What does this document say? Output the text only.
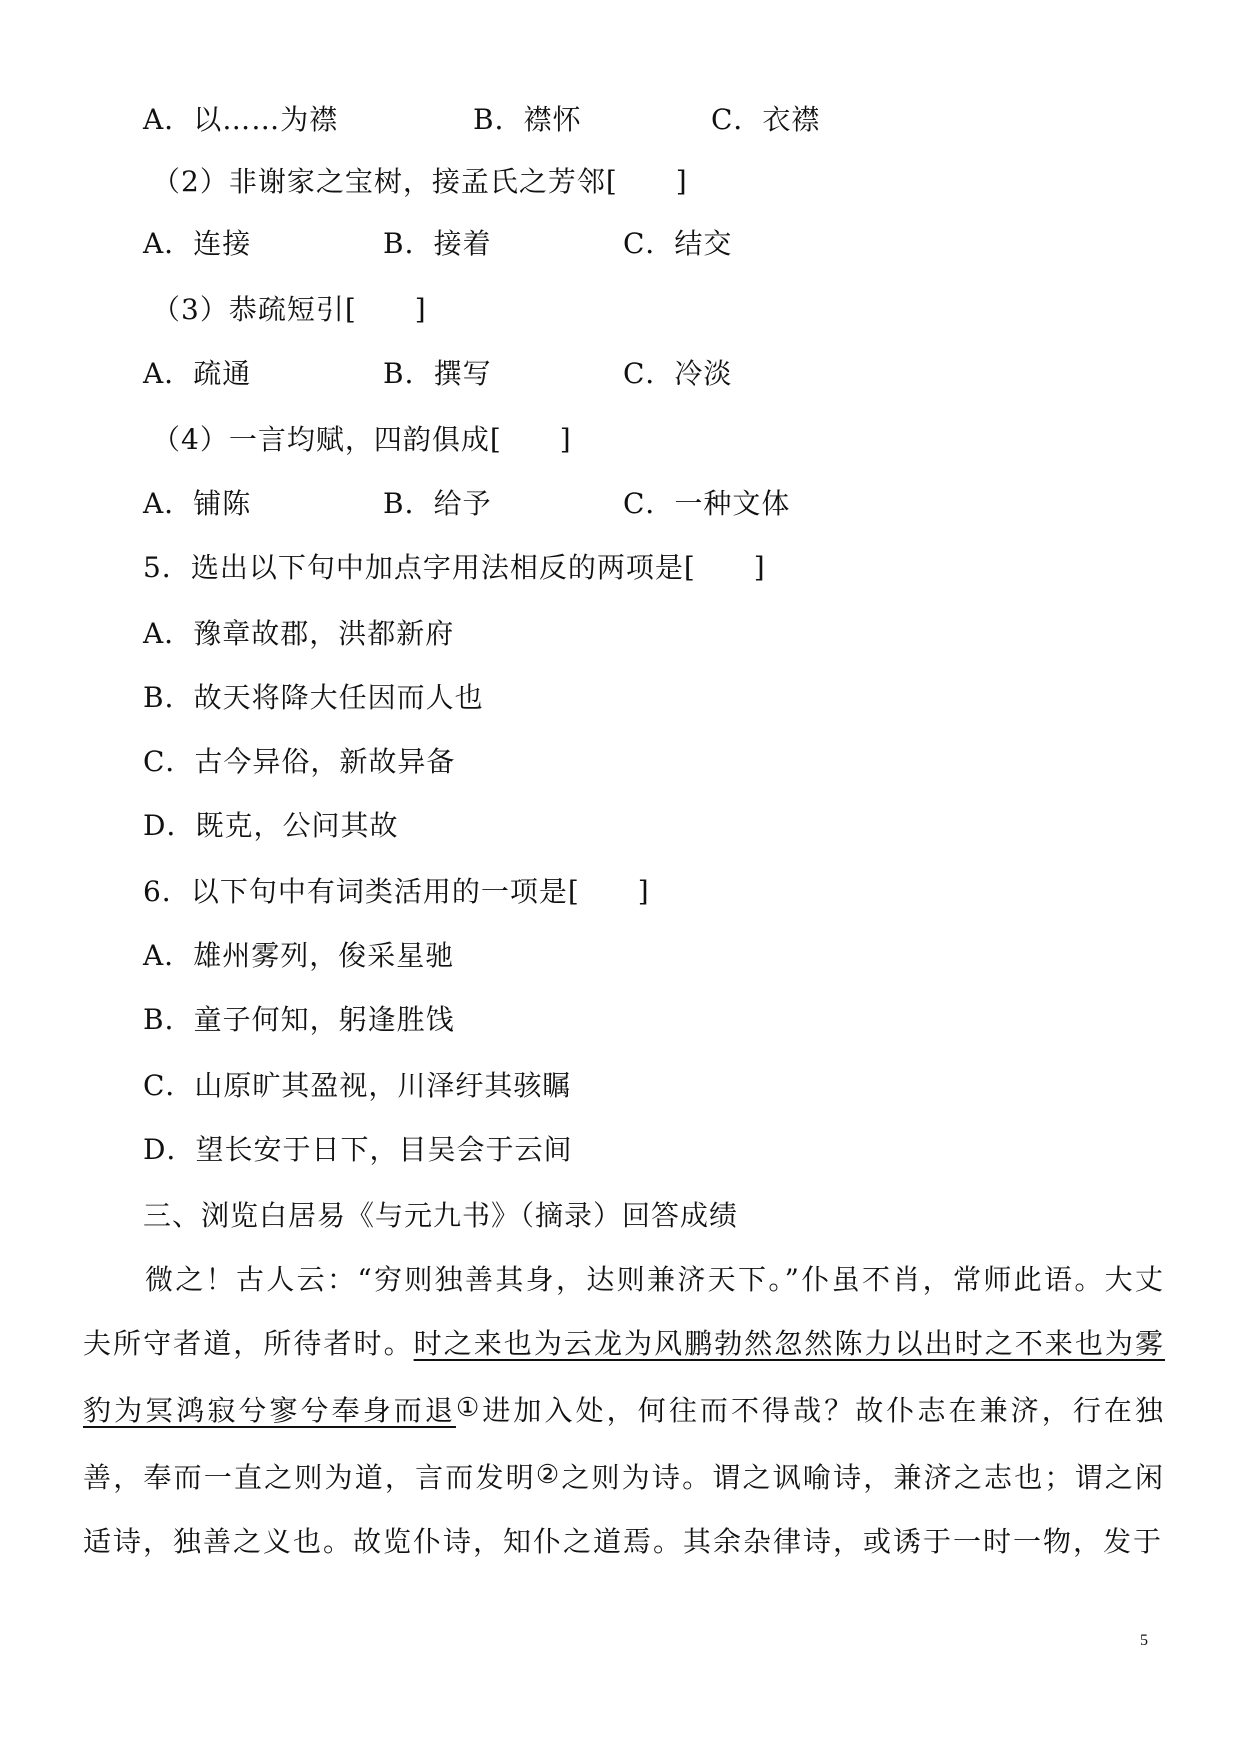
A．以……为襟	B．襟怀	C．衣襟
（2）非谢家之宝树，接孟氏之芳邻[　　]
A．连接	B．接着	C．结交
（3）恭疏短引[　　]
A．疏通	B．撰写	C．冷淡
（4）一言均赋，四韵俱成[　　]
A．铺陈	B．给予	C．一种文体
5．选出以下句中加点字用法相反的两项是[　　]
A．豫章故郡，洪都新府
B．故天将降大任因而人也
C．古今异俗，新故异备
D．既克，公问其故
6．以下句中有词类活用的一项是[　　]
A．雄州雾列，俊采星驰
B．童子何知，躬逢胜饯
C．山原旷其盈视，川泽纡其骇瞩
D．望长安于日下，目吴会于云间
三、浏览白居易《与元九书》（摘录）回答成绩
微之！古人云：“穷则独善其身，达则兼济天下。”仆虽不肖，常师此语。大丈夫所守者道，所待者时。时之来也为云龙为风鹏勃然忽然陈力以出时之不来也为雾豹为冥鸿寂兮寥兮奉身而退①进加入处，何往而不得哉？故仆志在兼济，行在独善，奉而一直之则为道，言而发明②之则为诗。谓之讽喻诗，兼济之志也；谓之闲适诗，独善之义也。故览仆诗，知仆之道焉。其余杂律诗，或诱于一时一物，发于
5
